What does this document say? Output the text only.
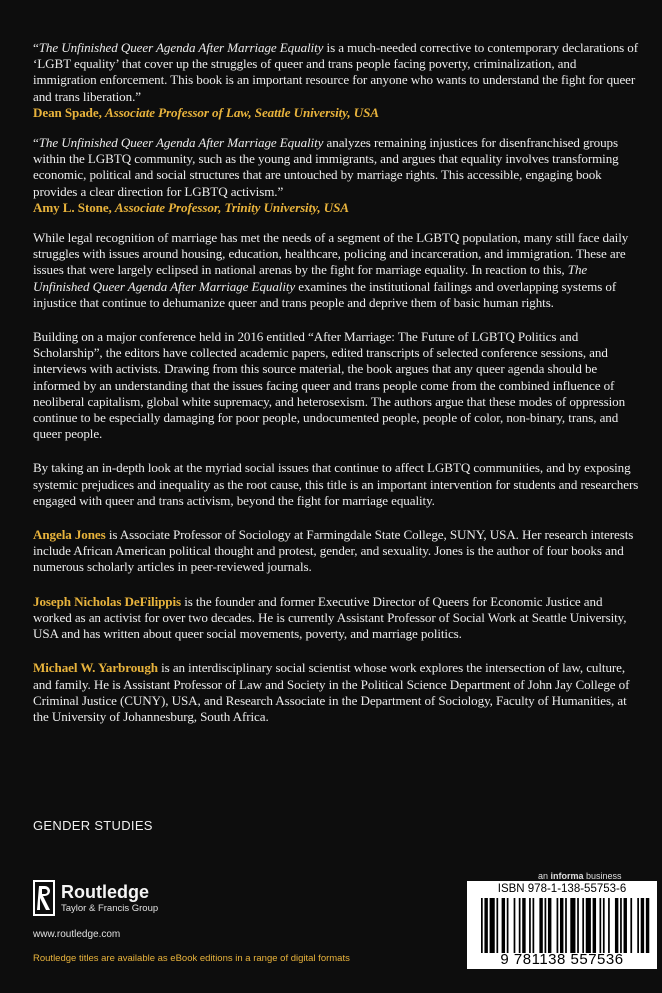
“The Unfinished Queer Agenda After Marriage Equality is a much-needed corrective to contemporary declarations of ‘LGBT equality’ that cover up the struggles of queer and trans people facing poverty, criminalization, and immigration enforcement. This book is an important resource for anyone who wants to understand the fight for queer and trans liberation.”
Dean Spade, Associate Professor of Law, Seattle University, USA

“The Unfinished Queer Agenda After Marriage Equality analyzes remaining injustices for disenfranchised groups within the LGBTQ community, such as the young and immigrants, and argues that equality involves transforming economic, political and social structures that are untouched by marriage rights. This accessible, engaging book provides a clear direction for LGBTQ activism.”
Amy L. Stone, Associate Professor, Trinity University, USA

While legal recognition of marriage has met the needs of a segment of the LGBTQ population, many still face daily struggles with issues around housing, education, healthcare, policing and incarceration, and immigration. These are issues that were largely eclipsed in national arenas by the fight for marriage equality. In reaction to this, The Unfinished Queer Agenda After Marriage Equality examines the institutional failings and overlapping systems of injustice that continue to dehumanize queer and trans people and deprive them of basic human rights.

Building on a major conference held in 2016 entitled “After Marriage: The Future of LGBTQ Politics and Scholarship”, the editors have collected academic papers, edited transcripts of selected conference sessions, and interviews with activists. Drawing from this source material, the book argues that any queer agenda should be informed by an understanding that the issues facing queer and trans people come from the combined influence of neoliberal capitalism, global white supremacy, and heterosexism. The authors argue that these modes of oppression continue to be especially damaging for poor people, undocumented people, people of color, non-binary, trans, and queer people.

By taking an in-depth look at the myriad social issues that continue to affect LGBTQ communities, and by exposing systemic prejudices and inequality as the root cause, this title is an important intervention for students and researchers engaged with queer and trans activism, beyond the fight for marriage equality.

Angela Jones is Associate Professor of Sociology at Farmingdale State College, SUNY, USA. Her research interests include African American political thought and protest, gender, and sexuality. Jones is the author of four books and numerous scholarly articles in peer-reviewed journals.

Joseph Nicholas DeFilippis is the founder and former Executive Director of Queers for Economic Justice and worked as an activist for over two decades. He is currently Assistant Professor of Social Work at Seattle University, USA and has written about queer social movements, poverty, and marriage politics.

Michael W. Yarbrough is an interdisciplinary social scientist whose work explores the intersection of law, culture, and family. He is Assistant Professor of Law and Society in the Political Science Department of John Jay College of Criminal Justice (CUNY), USA, and Research Associate in the Department of Sociology, Faculty of Humanities, at the University of Johannesburg, South Africa.

GENDER STUDIES
Routledge
Taylor & Francis Group
www.routledge.com
Routledge titles are available as eBook editions in a range of digital formats
an informa business
ISBN 978-1-138-55753-6
9 781138 557536
